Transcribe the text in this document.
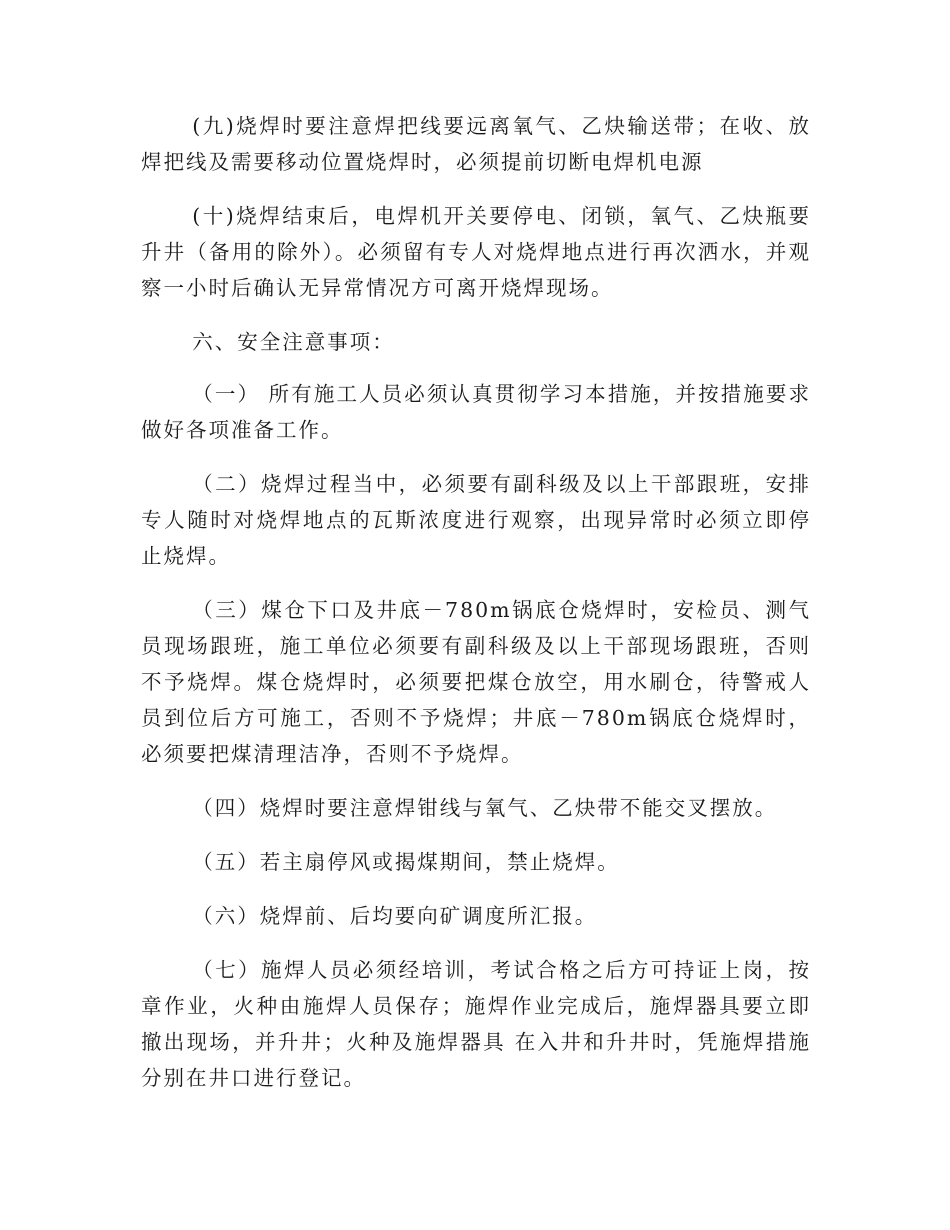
(九)烧焊时要注意焊把线要远离氧气、乙炔输送带；在收、放焊把线及需要移动位置烧焊时，必须提前切断电焊机电源

(十)烧焊结束后，电焊机开关要停电、闭锁，氧气、乙炔瓶要升井（备用的除外）。必须留有专人对烧焊地点进行再次洒水，并观察一小时后确认无异常情况方可离开烧焊现场。

六、安全注意事项：

（一） 所有施工人员必须认真贯彻学习本措施，并按措施要求做好各项准备工作。

（二）烧焊过程当中，必须要有副科级及以上干部跟班，安排专人随时对烧焊地点的瓦斯浓度进行观察，出现异常时必须立即停止烧焊。

（三）煤仓下口及井底－780m锅底仓烧焊时，安检员、测气员现场跟班，施工单位必须要有副科级及以上干部现场跟班，否则不予烧焊。煤仓烧焊时，必须要把煤仓放空，用水刷仓，待警戒人员到位后方可施工，否则不予烧焊；井底－780m锅底仓烧焊时，必须要把煤清理洁净，否则不予烧焊。

（四）烧焊时要注意焊钳线与氧气、乙炔带不能交叉摆放。

（五）若主扇停风或揭煤期间，禁止烧焊。

（六）烧焊前、后均要向矿调度所汇报。

（七）施焊人员必须经培训，考试合格之后方可持证上岗，按章作业，火种由施焊人员保存；施焊作业完成后，施焊器具要立即撤出现场，并升井；火种及施焊器具 在入井和升井时，凭施焊措施分别在井口进行登记。
